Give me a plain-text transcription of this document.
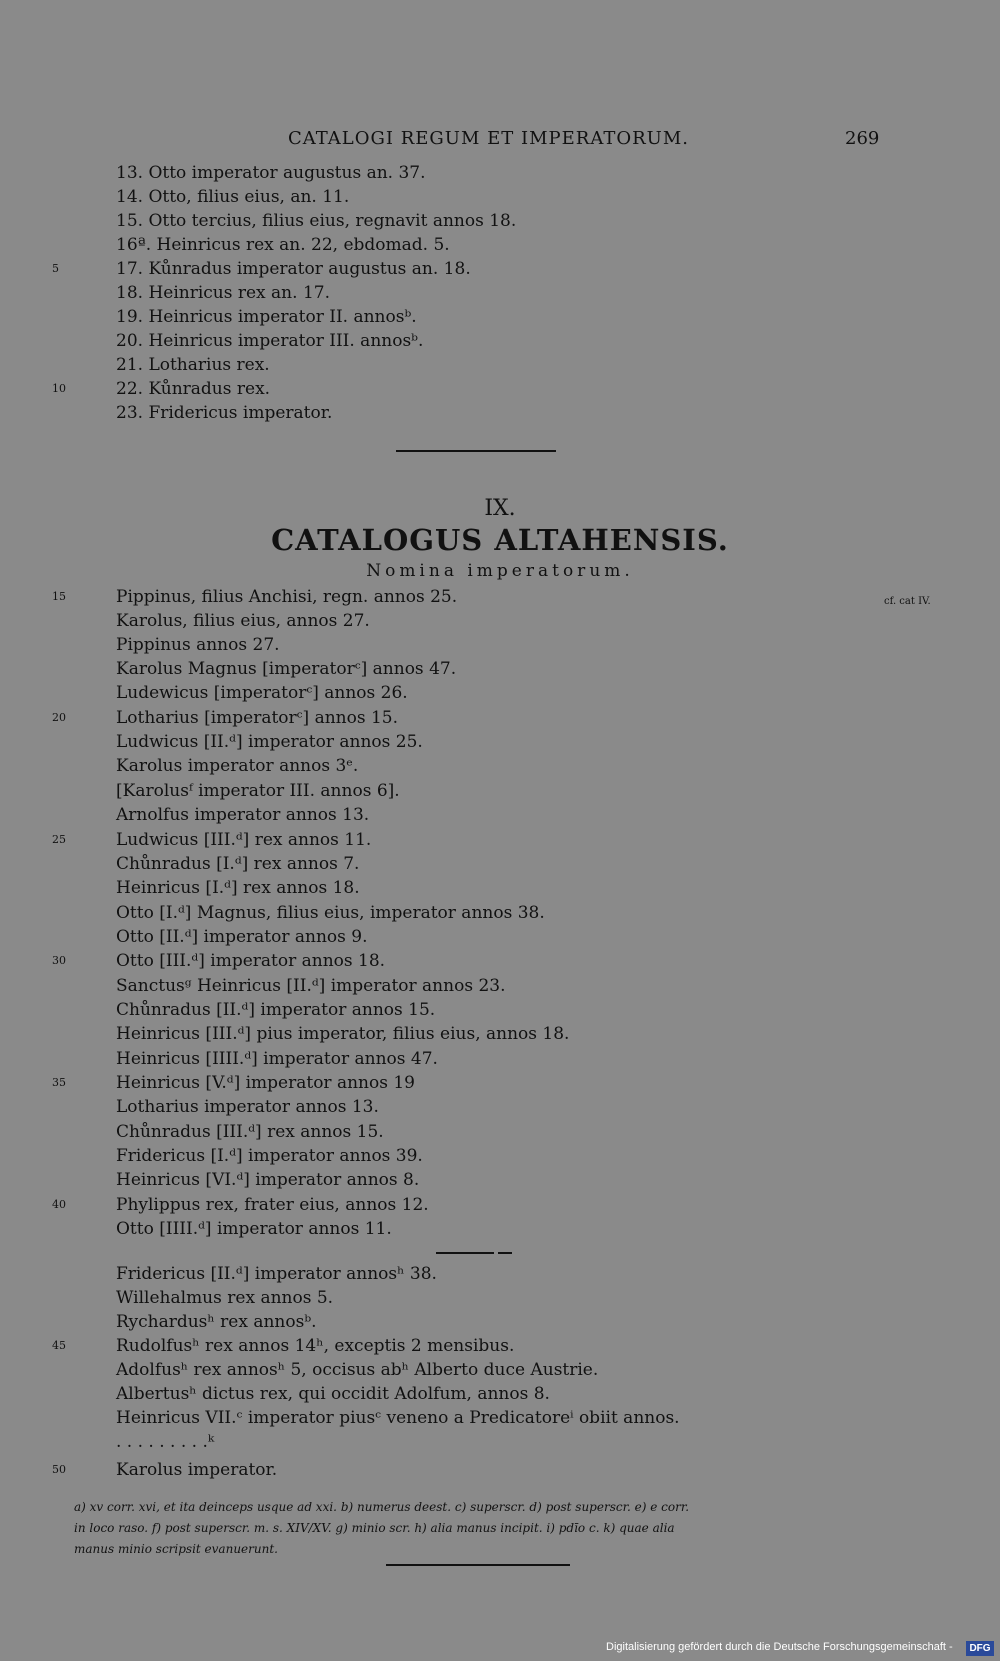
CATALOGI REGUM ET IMPERATORUM.	269
13. Otto imperator augustus an. 37.
14. Otto, filius eius, an. 11.
15. Otto tercius, filius eius, regnavit annos 18.
16ª. Heinricus rex an. 22, ebdomad. 5.
5	17. Kůnradus imperator augustus an. 18.
18. Heinricus rex an. 17.
19. Heinricus imperator II. annosᵇ.
20. Heinricus imperator III. annosᵇ.
21. Lotharius rex.
10	22. Kůnradus rex.
23. Fridericus imperator.
IX.
CATALOGUS ALTAHENSIS.
Nomina imperatorum.
cf. cat IV.
15	Pippinus, filius Anchisi, regn. annos 25.
Karolus, filius eius, annos 27.
Pippinus annos 27.
Karolus Magnus [imperatorᶜ] annos 47.
Ludewicus [imperatorᶜ] annos 26.
20	Lotharius [imperatorᶜ] annos 15.
Ludwicus [II.ᵈ] imperator annos 25.
Karolus imperator annos 3ᵉ.
[Karolusᶠ imperator III. annos 6].
Arnolfus imperator annos 13.
25	Ludwicus [III.ᵈ] rex annos 11.
Chůnradus [I.ᵈ] rex annos 7.
Heinricus [I.ᵈ] rex annos 18.
Otto [I.ᵈ] Magnus, filius eius, imperator annos 38.
Otto [II.ᵈ] imperator annos 9.
30	Otto [III.ᵈ] imperator annos 18.
Sanctusᵍ Heinricus [II.ᵈ] imperator annos 23.
Chůnradus [II.ᵈ] imperator annos 15.
Heinricus [III.ᵈ] pius imperator, filius eius, annos 18.
Heinricus [IIII.ᵈ] imperator annos 47.
35	Heinricus [V.ᵈ] imperator annos 19
Lotharius imperator annos 13.
Chůnradus [III.ᵈ] rex annos 15.
Fridericus [I.ᵈ] imperator annos 39.
Heinricus [VI.ᵈ] imperator annos 8.
40	Phylippus rex, frater eius, annos 12.
Otto [IIII.ᵈ] imperator annos 11.
Fridericus [II.ᵈ] imperator annosʰ 38.
Willehalmus rex annos 5.
Rychardusʰ rex annosᵇ.
45	Rudolfusʰ rex annos 14ʰ, exceptis 2 mensibus.
Adolfusʰ rex annosʰ 5, occisus abʰ Alberto duce Austrie.
Albertusʰ dictus rex, qui occidit Adolfum, annos 8.
Heinricus VII.ᶜ imperator piusᶜ veneno a Predicatoreⁱ obiit annos.
. . . . . . . . .ᵏ
50	Karolus imperator.
a) xv corr. xvi, et ita deinceps usque ad xxi. b) numerus deest. c) superscr. d) post superscr. e) e corr.
in loco raso. f) post superscr. m. s. XIV/XV. g) minio scr. h) alia manus incipit. i) pdīo c. k) quae alia
manus minio scripsit evanuerunt.
Digitalisierung gefördert durch die Deutsche Forschungsgemeinschaft -	DFG
